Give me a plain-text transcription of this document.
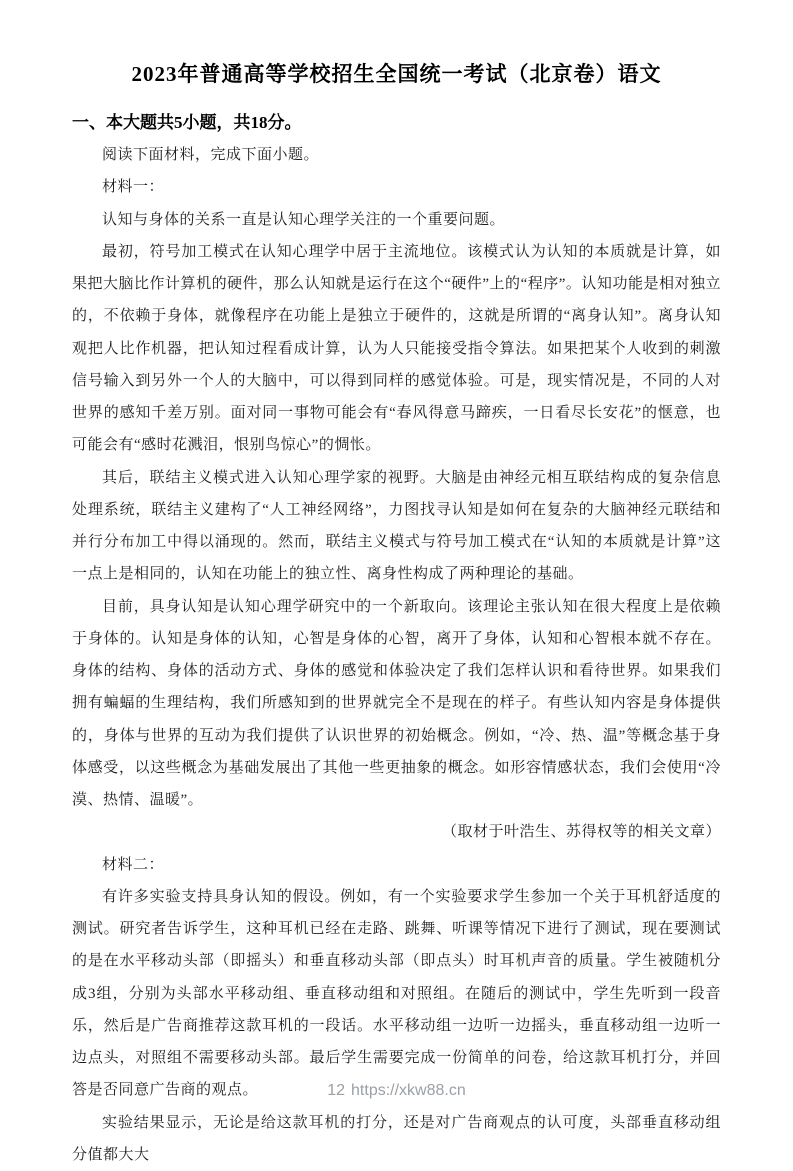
2023年普通高等学校招生全国统一考试（北京卷）语文
一、本大题共5小题，共18分。

阅读下面材料，完成下面小题。

材料一：

认知与身体的关系一直是认知心理学关注的一个重要问题。

最初，符号加工模式在认知心理学中居于主流地位。该模式认为认知的本质就是计算，如果把大脑比作计算机的硬件，那么认知就是运行在这个“硬件”上的“程序”。认知功能是相对独立的，不依赖于身体，就像程序在功能上是独立于硬件的，这就是所谓的“离身认知”。离身认知观把人比作机器，把认知过程看成计算，认为人只能接受指令算法。如果把某个人收到的刺激信号输入到另外一个人的大脑中，可以得到同样的感觉体验。可是，现实情况是，不同的人对世界的感知千差万别。面对同一事物可能会有“春风得意马蹄疾，一日看尽长安花”的惬意，也可能会有“感时花溅泪，恨别鸟惊心”的惆怅。

其后，联结主义模式进入认知心理学家的视野。大脑是由神经元相互联结构成的复杂信息处理系统，联结主义建构了“人工神经网络”，力图找寻认知是如何在复杂的大脑神经元联结和并行分布加工中得以涌现的。然而，联结主义模式与符号加工模式在“认知的本质就是计算”这一点上是相同的，认知在功能上的独立性、离身性构成了两种理论的基础。

目前，具身认知是认知心理学研究中的一个新取向。该理论主张认知在很大程度上是依赖于身体的。认知是身体的认知，心智是身体的心智，离开了身体，认知和心智根本就不存在。身体的结构、身体的活动方式、身体的感觉和体验决定了我们怎样认识和看待世界。如果我们拥有蝙蝠的生理结构，我们所感知到的世界就完全不是现在的样子。有些认知内容是身体提供的，身体与世界的互动为我们提供了认识世界的初始概念。例如，“冷、热、温”等概念基于身体感受，以这些概念为基础发展出了其他一些更抽象的概念。如形容情感状态，我们会使用“冷漠、热情、温暖”。

（取材于叶浩生、苏得权等的相关文章）

材料二：

有许多实验支持具身认知的假设。例如，有一个实验要求学生参加一个关于耳机舒适度的测试。研究者告诉学生，这种耳机已经在走路、跳舞、听课等情况下进行了测试，现在要测试的是在水平移动头部（即摇头）和垂直移动头部（即点头）时耳机声音的质量。学生被随机分成3组，分别为头部水平移动组、垂直移动组和对照组。在随后的测试中，学生先听到一段音乐，然后是广告商推荐这款耳机的一段话。水平移动组一边听一边摇头，垂直移动组一边听一边点头，对照组不需要移动头部。最后学生需要完成一份简单的问卷，给这款耳机打分，并回答是否同意广告商的观点。

实验结果显示，无论是给这款耳机的打分，还是对广告商观点的认可度，头部垂直移动组分值都大大

12 https://xkw88.cn
